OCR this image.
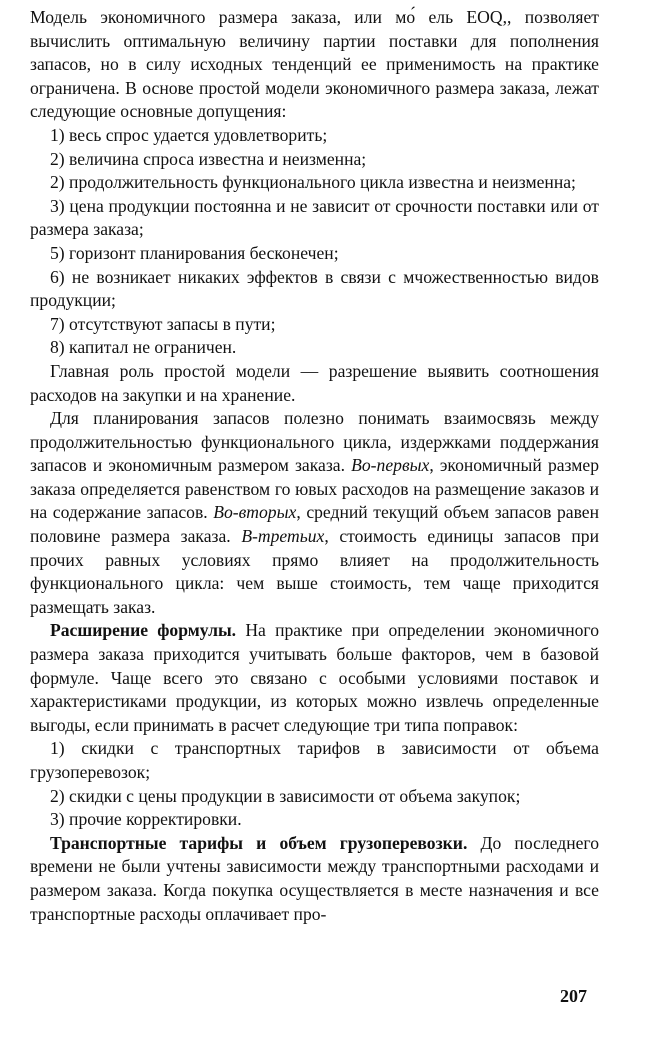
Модель экономичного размера заказа, или мо́ ель EOQ,, позволяет вычислить оптимальную величину партии поставки для пополнения запасов, но в силу исходных тенденций ее применимость на практике ограничена. В основе простой модели экономичного размера заказа, лежат следующие основные допущения:

1) весь спрос удается удовлетворить;

2) величина спроса известна и неизменна;

2) продолжительность функционального цикла известна и неизменна;

3) цена продукции постоянна и не зависит от срочности поставки или от размера заказа;

5) горизонт планирования бесконечен;

6) не возникает никаких эффектов в связи с мчожественностью видов продукции;

7) отсутствуют запасы в пути;

8) капитал не ограничен.

Главная роль простой модели — разрешение выявить соотношения расходов на закупки и на хранение.

Для планирования запасов полезно понимать взаимосвязь между продолжительностью функционального цикла, издержками поддержания запасов и экономичным размером заказа. Во-первых, экономичный размер заказа определяется равенством го ювых расходов на размещение заказов и на содержание запасов. Во-вторых, средний текущий объем запасов равен половине размера заказа. В-третьих, стоимость единицы запасов при прочих равных условиях прямо влияет на продолжительность функционального цикла: чем выше стоимость, тем чаще приходится размещать заказ.

Расширение формулы. На практике при определении экономичного размера заказа приходится учитывать больше факторов, чем в базовой формуле. Чаще всего это связано с особыми условиями поставок и характеристиками продукции, из которых можно извлечь определенные выгоды, если принимать в расчет следующие три типа поправок:

1) скидки с транспортных тарифов в зависимости от объема грузоперевозок;

2) скидки с цены продукции в зависимости от объема закупок;

3) прочие корректировки.

Транспортные тарифы и объем грузоперевозки. До последнего времени не были учтены зависимости между транспортными расходами и размером заказа. Когда покупка осуществляется в месте назначения и все транспортные расходы оплачивает про-

207
